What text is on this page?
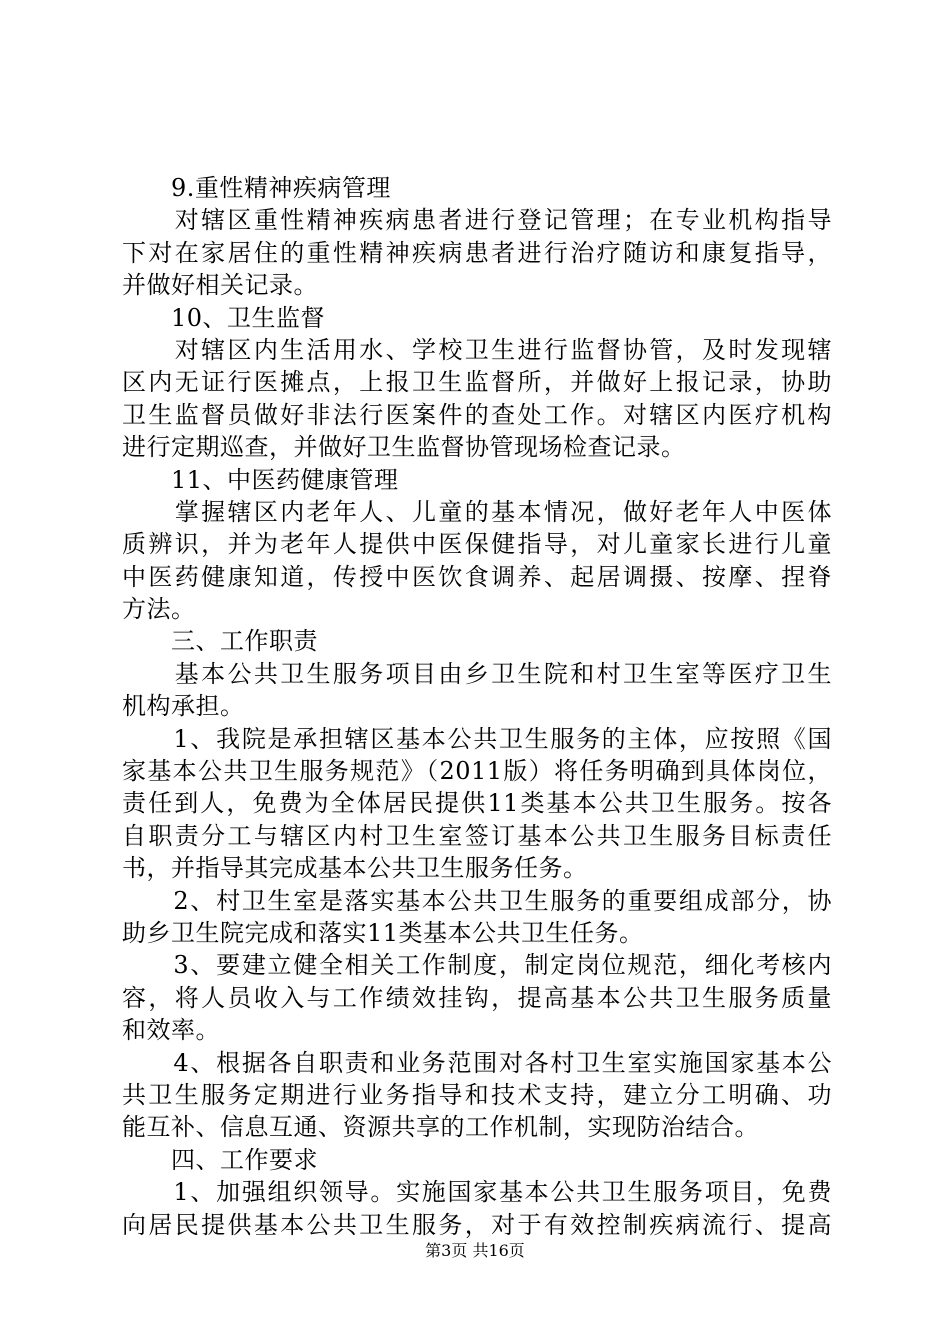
　　9.重性精神疾病管理
　　对辖区重性精神疾病患者进行登记管理；在专业机构指导
下对在家居住的重性精神疾病患者进行治疗随访和康复指导，
并做好相关记录。
　　10、卫生监督
　　对辖区内生活用水、学校卫生进行监督协管，及时发现辖
区内无证行医摊点，上报卫生监督所，并做好上报记录，协助
卫生监督员做好非法行医案件的查处工作。对辖区内医疗机构
进行定期巡查，并做好卫生监督协管现场检查记录。
　　11、中医药健康管理
　　掌握辖区内老年人、儿童的基本情况，做好老年人中医体
质辨识，并为老年人提供中医保健指导，对儿童家长进行儿童
中医药健康知道，传授中医饮食调养、起居调摄、按摩、捏脊
方法。
　　三、工作职责
　　基本公共卫生服务项目由乡卫生院和村卫生室等医疗卫生
机构承担。
　　1、我院是承担辖区基本公共卫生服务的主体，应按照《国
家基本公共卫生服务规范》（2011版）将任务明确到具体岗位，
责任到人，免费为全体居民提供11类基本公共卫生服务。按各
自职责分工与辖区内村卫生室签订基本公共卫生服务目标责任
书，并指导其完成基本公共卫生服务任务。
　　2、村卫生室是落实基本公共卫生服务的重要组成部分，协
助乡卫生院完成和落实11类基本公共卫生任务。
　　3、要建立健全相关工作制度，制定岗位规范，细化考核内
容，将人员收入与工作绩效挂钩，提高基本公共卫生服务质量
和效率。
　　4、根据各自职责和业务范围对各村卫生室实施国家基本公
共卫生服务定期进行业务指导和技术支持，建立分工明确、功
能互补、信息互通、资源共享的工作机制，实现防治结合。
　　四、工作要求
　　1、加强组织领导。实施国家基本公共卫生服务项目，免费
向居民提供基本公共卫生服务，对于有效控制疾病流行、提高
第3页 共16页
